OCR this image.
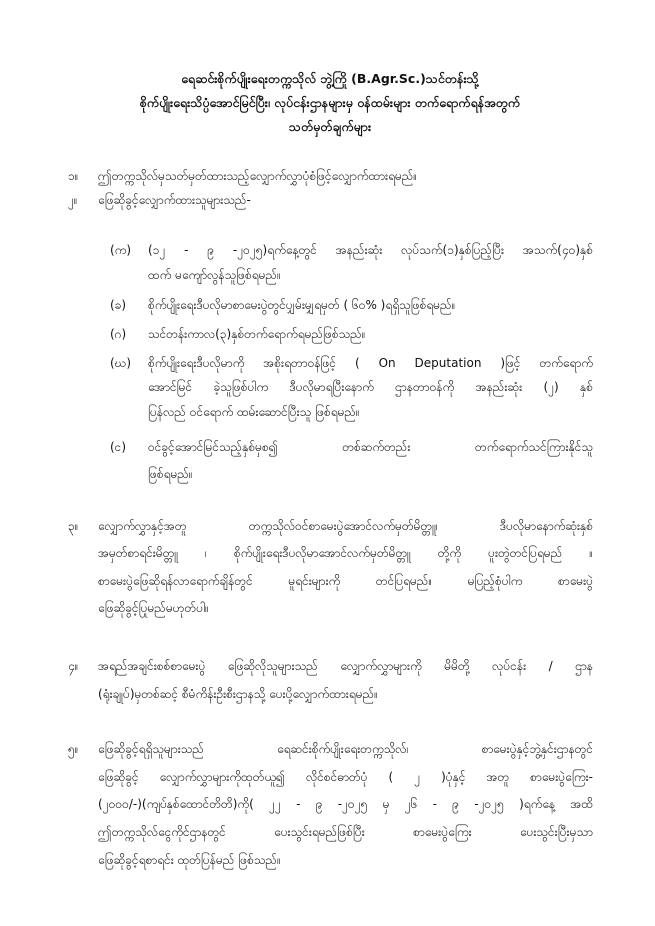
ရေဆင်းစိုက်ပျိုးရေးတက္ကသိုလ် ဘွဲ့ကြို (B.Agr.Sc.)သင်တန်းသို့
စိုက်ပျိုးရေးသိပ္ပံအောင်မြင်ပြီး၊ လုပ်ငန်းဌာနများမှ ဝန်ထမ်းများ တက်ရောက်ရန်အတွက်
သတ်မှတ်ချက်များ
၁။ ဤတက္ကသိုလ်မှသတ်မှတ်ထားသည့်လျှောက်လွှာပုံစံဖြင့်လျှောက်ထားရမည်။
၂။ ဖြေဆိုခွင့်လျှောက်ထားသူများသည်-
(က) (၁၂ - ၉ -၂၀၂၅)ရက်နေ့တွင် အနည်းဆုံး လုပ်သက်(၁)နှစ်ပြည့်ပြီး အသက်(၄၀)နှစ်
ထက် မကျော်လွန်သူဖြစ်ရမည်။
(ခ) စိုက်ပျိုးရေးဒီပလိုမာစာမေးပွဲတွင်ပျှမ်းမျှရမှတ် ( ၆၀% )ရရှိသူဖြစ်ရမည်။
(ဂ) သင်တန်းကာလ(၃)နှစ်တက်ရောက်ရမည်ဖြစ်သည်။
(ဃ) စိုက်ပျိုးရေးဒီပလိုမာကို အစိုးရတာဝန်ဖြင့် ( On Deputation )ဖြင့် တက်ရောက်
အောင်မြင် ခဲ့သူဖြစ်ပါက ဒီပလိုမာရပြီးနောက် ဌာနတာဝန်ကို အနည်းဆုံး (၂) နှစ်
ပြန်လည် ဝင်ရောက် ထမ်းဆောင်ပြီးသူ ဖြစ်ရမည်။
(င) ဝင်ခွင့်အောင်မြင်သည့်နှစ်မှစ၍ တစ်ဆက်တည်း တက်ရောက်သင်ကြားနိုင်သူ
ဖြစ်ရမည်။
၃။ လျှောက်လွှာနှင့်အတူ တက္ကသိုလ်ဝင်စာမေးပွဲအောင်လက်မှတ်မိတ္တူ၊ ဒီပလိုမာနောက်ဆုံးနှစ်
အမှတ်စာရင်းမိတ္တူ ၊ စိုက်ပျိုးရေးဒီပလိုမာအောင်လက်မှတ်မိတ္တူ တို့ကို ပူးတွဲတင်ပြရမည် ။
စာမေးပွဲဖြေဆိုရန်လာရောက်ချိန်တွင် မူရင်းများကို တင်ပြရမည်။ မပြည့်စုံပါက စာမေးပွဲ
ဖြေဆိုခွင့်ပြုမည်မဟုတ်ပါ။
၄။ အရည်အချင်းစစ်စာမေးပွဲ ဖြေဆိုလိုသူများသည် လျှောက်လွှာများကို မိမိတို့ လုပ်ငန်း / ဌာန
(ရုံးချုပ်)မှတစ်ဆင့် စီမံကိန်းဦးစီးဌာနသို့ ပေးပို့လျှောက်ထားရမည်။
၅။ ဖြေဆိုခွင့်ရရှိသူများသည် ရေဆင်းစိုက်ပျိုးရေးတက္ကသိုလ်၊ စာမေးပွဲနှင့်ဘွဲ့နှင်းဌာနတွင်
ဖြေဆိုခွင့် လျှောက်လွှာများကိုထုတ်ယူ၍ လိုင်စင်ဓာတ်ပုံ ( ၂ )ပုံနှင့် အတူ စာမေးပွဲကြေး-
(၂၀၀၀/-)(ကျပ်နှစ်ထောင်တိတိ)ကို( ၂၂ - ၉ -၂၀၂၅ မှ ၂၆ - ၉ -၂၀၂၅ )ရက်နေ့ အထိ
ဤတက္ကသိုလ်ငွေကိုင်ဌာနတွင် ပေးသွင်းရမည်ဖြစ်ပြီး စာမေးပွဲကြေး ပေးသွင်းပြီးမှသာ
ဖြေဆိုခွင့်ရစာရင်း ထုတ်ပြန်မည် ဖြစ်သည်။
